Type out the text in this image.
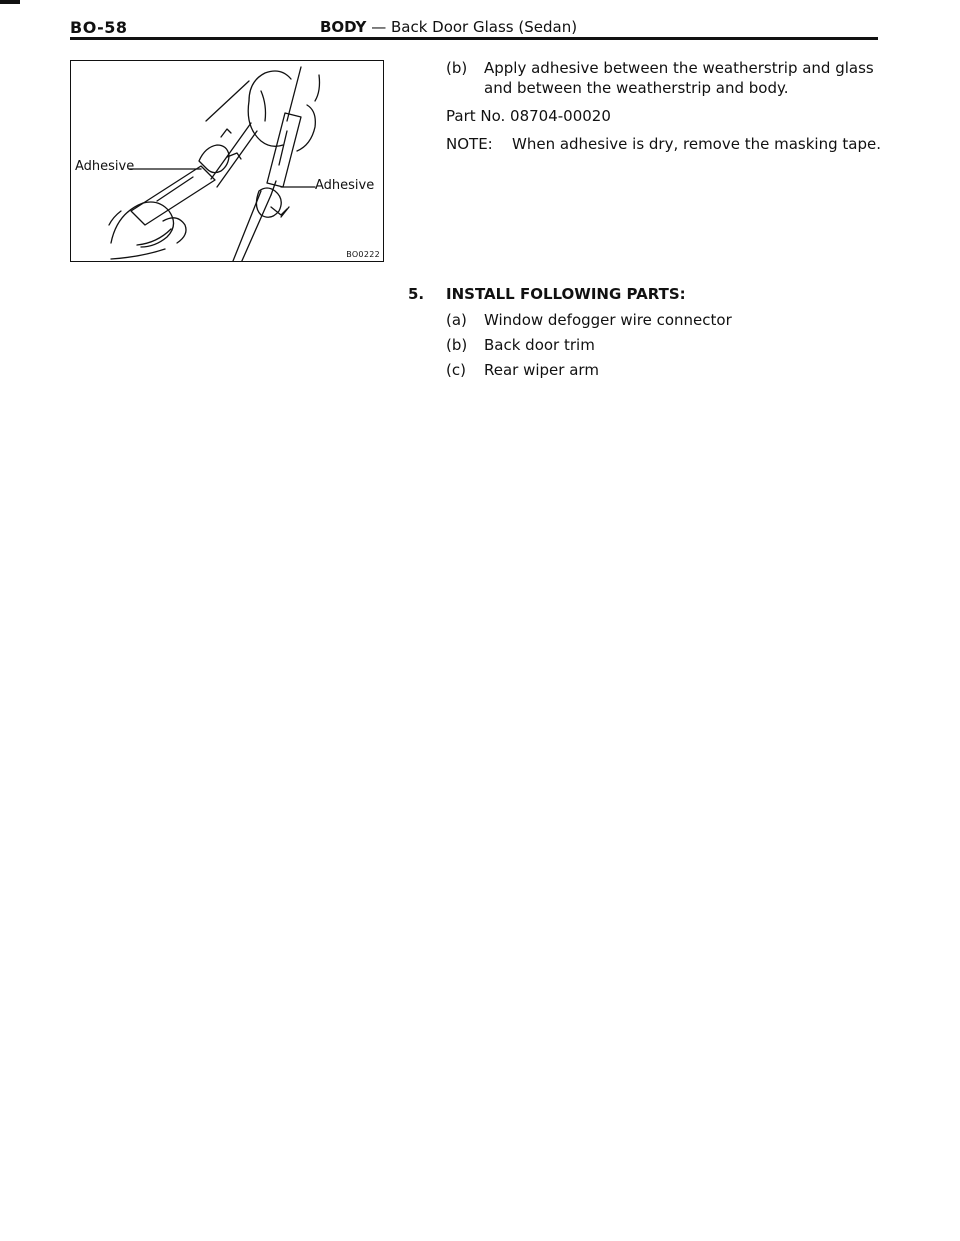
BO-58	BODY — Back Door Glass (Sedan)
Adhesive
Adhesive
BO0222
(b) Apply adhesive between the weatherstrip and glass
and between the weatherstrip and body.
Part No. 08704-00020
NOTE: When adhesive is dry, remove the masking tape.
5. INSTALL FOLLOWING PARTS:
(a) Window defogger wire connector
(b) Back door trim
(c) Rear wiper arm
